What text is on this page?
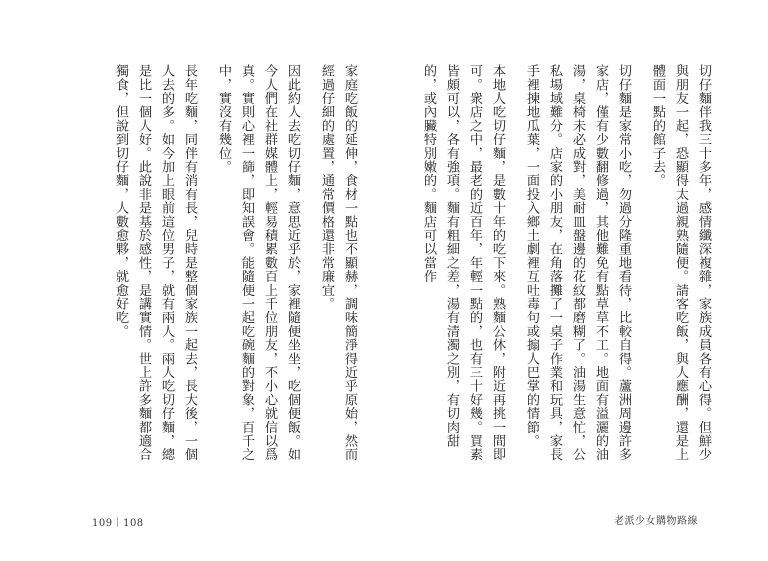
家庭吃飯的延伸，食材一點也不顯赫，調味簡淨得近乎原始，然而經過仔細的處置，通常價格還非常廉宜。

因此約人去吃切仔麵，意思近乎於，家裡隨便坐坐，吃個便飯。如今人們在社群媒體上，輕易積累數百上千位朋友，不小心就信以爲真。實則心裡一篩，即知誤會。能隨便一起吃碗麵的對象，百千之中，實沒有幾位。

長年吃麵，同伴有消有長，兒時是整個家族一起去，長大後，一個人去的多。如今加上眼前這位男子，就有兩人。兩人吃切仔麵，總是比一個人好。此說非是基於感性，是講實情。世上許多麵都適合獨食，但說到切仔麵，人數愈夥，就愈好吃。

109｜108

切仔麵伴我三十多年，感情纖深複雜，家族成員各有心得。但鮮少與朋友一起，恐顯得太過親熟隨便。請客吃飯，與人應酬，還是上體面一點的館子去。

切仔麵是家常小吃，勿過分隆重地看待，比較自得。蘆洲周邊許多家店，僅有少數翻修過，其他難免有點草草不工。地面有溢灑的油湯，桌椅未必成對，美耐皿盤邊的花紋都磨糊了。油湯生意忙，公私場域難分。店家的小朋友，在角落攤了一桌子作業和玩具，家長手裡揀地瓜葉，一面投入鄉土劇裡互吐毒句或搧人巴掌的情節。

本地人吃切仔麵，是數十年的吃下來。熟麵公休，附近再挑一間即可。衆店之中，最老的近百年，年輕一點的，也有三十好幾。買素皆頗可以，各有強項。麵有粗細之差，湯有清濁之別，有切肉甜的，或內臟特別嫩的。麵店可以當作

老派少女購物路線
